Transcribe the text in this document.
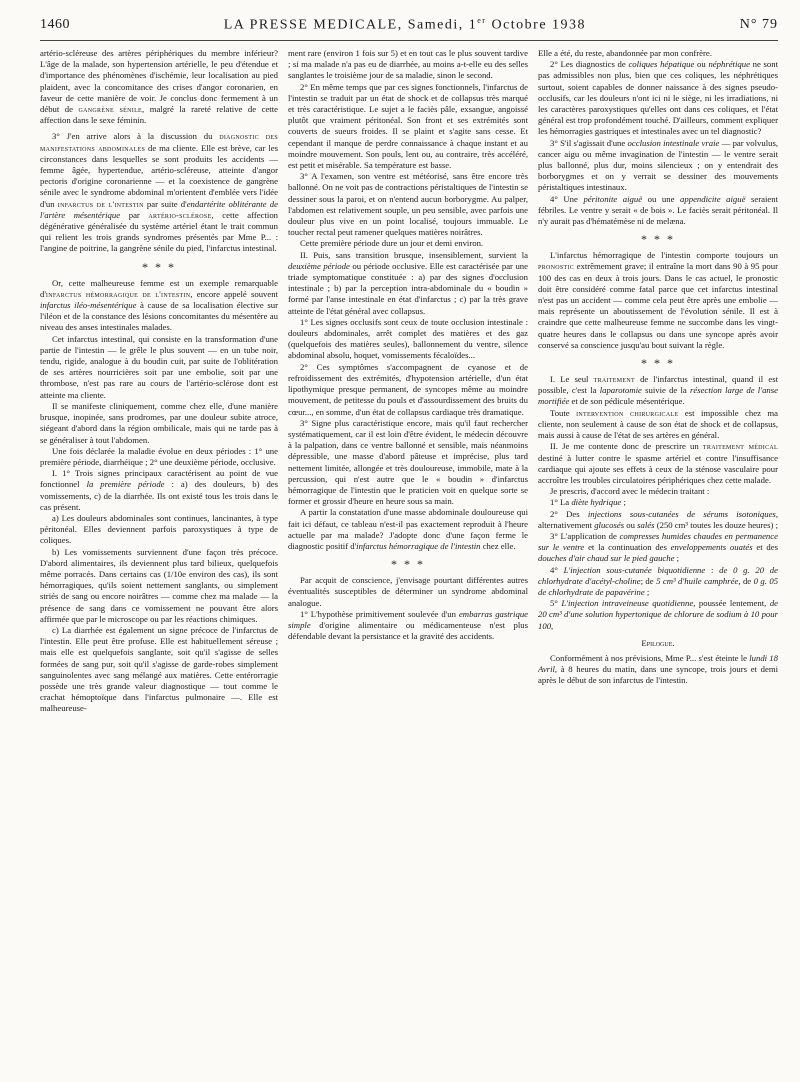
1460	LA PRESSE MEDICALE, Samedi, 1er Octobre 1938	N° 79

artério-scléreuse des artères périphériques du membre inférieur? L'âge de la malade, son hypertension artérielle, le peu d'étendue et d'importance des phénomènes d'ischémie, leur localisation au pied plaident, avec la concomitance des crises d'angor coronarien, en faveur de cette manière de voir. Je conclus donc fermement à un début de gangrène sénile, malgré la rareté relative de cette affection dans le sexe féminin.

3° J'en arrive alors à la discussion du diagnostic des manifestations abdominales de ma cliente. Elle est brève, car les circonstances dans lesquelles se sont produits les accidents — femme âgée, hypertendue, artério-scléreuse, atteinte d'angor pectoris d'origine coronarienne — et la coexistence de gangrène sénile avec le syndrome abdominal m'orientent d'emblée vers l'idée d'un infarctus de l'intestin par suite d'endartérite oblitérante de l'artère mésentérique par artério-sclérose, cette affection dégénérative généralisée du système artériel étant le trait commun qui relient les trois grands syndromes présentés par Mme P... : l'angine de poitrine, la gangrène sénile du pied, l'infarctus intestinal.

* * *

Or, cette malheureuse femme est un exemple remarquable d'infarctus hémorragique de l'intestin, encore appelé souvent infarctus iléo-mésentérique à cause de sa localisation élective sur l'iléon et de la constance des lésions concomitantes du mésentère au niveau des anses intestinales malades.

Cet infarctus intestinal, qui consiste en la transformation d'une partie de l'intestin — le grêle le plus souvent — en un tube noir, tendu, rigide, analogue à du boudin cuit, par suite de l'oblitération de ses artères nourricières soit par une embolie, soit par une thrombose, n'est pas rare au cours de l'artério-sclérose dont est atteinte ma cliente.

Il se manifeste cliniquement, comme chez elle, d'une manière brusque, inopinée, sans prodromes, par une douleur subite atroce, siégeant d'abord dans la région ombilicale, mais qui ne tarde pas à se généraliser à tout l'abdomen.

Une fois déclarée la maladie évolue en deux périodes : 1° une première période, diarrhéique ; 2° une deuxième période, occlusive.

I. 1° Trois signes principaux caractérisent au point de vue fonctionnel la première période : a) des douleurs, b) des vomissements, c) de la diarrhée. Ils ont existé tous les trois dans le cas présent.

a) Les douleurs abdominales sont continues, lancinantes, à type péritonéal. Elles deviennent parfois paroxystiques à type de coliques.

b) Les vomissements surviennent d'une façon très précoce. D'abord alimentaires, ils deviennent plus tard bilieux, quelquefois même porracés. Dans certains cas (1/10e environ des cas), ils sont hémorragiques, qu'ils soient nettement sanglants, ou simplement striés de sang ou encore noirâtres — comme chez ma malade — la présence de sang dans ce vomissement ne pouvant être alors affirmée que par le microscope ou par les réactions chimiques.

c) La diarrhée est également un signe précoce de l'infarctus de l'intestin. Elle peut être profuse. Elle est habituellement séreuse ; mais elle est quelquefois sanglante, soit qu'il s'agisse de selles formées de sang pur, soit qu'il s'agisse de garde-robes simplement sanguinolentes avec sang mélangé aux matières. Cette entérorragie possède une très grande valeur diagnostique — tout comme le crachat hémoptoïque dans l'infarctus pulmonaire —. Elle est malheureuse-

ment rare (environ 1 fois sur 5) et en tout cas le plus souvent tardive ; si ma malade n'a pas eu de diarrhée, au moins a-t-elle eu des selles sanglantes le troisième jour de sa maladie, sinon le second.

2° En même temps que par ces signes fonctionnels, l'infarctus de l'intestin se traduit par un état de shock et de collapsus très marqué et très caractéristique. Le sujet a le faciès pâle, exsangue, angoissé plutôt que vraiment péritonéal. Son front et ses extrémités sont couverts de sueurs froides. Il se plaint et s'agite sans cesse. Et cependant il manque de perdre connaissance à chaque instant et au moindre mouvement. Son pouls, lent ou, au contraire, très accéléré, est petit et misérable. Sa température est basse.

3° A l'examen, son ventre est météorisé, sans être encore très ballonné. On ne voit pas de contractions péristaltiques de l'intestin se dessiner sous la paroi, et on n'entend aucun borborygme. Au palper, l'abdomen est relativement souple, un peu sensible, avec parfois une douleur plus vive en un point localisé, toujours immuable. Le toucher rectal peut ramener quelques matières noirâtres.

Cette première période dure un jour et demi environ.

II. Puis, sans transition brusque, insensiblement, survient la deuxième période ou période occlusive. Elle est caractérisée par une triade symptomatique constituée : a) par des signes d'occlusion intestinale ; b) par la perception intra-abdominale du « boudin » formé par l'anse intestinale en état d'infarctus ; c) par la très grave atteinte de l'état général avec collapsus.

1° Les signes occlusifs sont ceux de toute occlusion intestinale : douleurs abdominales, arrêt complet des matières et des gaz (quelquefois des matières seules), ballonnement du ventre, silence abdominal absolu, hoquet, vomissements fécaloïdes...

2° Ces symptômes s'accompagnent de cyanose et de refroidissement des extrémités, d'hypotension artérielle, d'un état lipothymique presque permanent, de syncopes même au moindre mouvement, de petitesse du pouls et d'assourdissement des bruits du cœur..., en somme, d'un état de collapsus cardiaque très dramatique.

3° Signe plus caractéristique encore, mais qu'il faut rechercher systématiquement, car il est loin d'être évident, le médecin découvre à la palpation, dans ce ventre ballonné et sensible, mais néanmoins dépressible, une masse d'abord pâteuse et imprécise, plus tard nettement limitée, allongée et très douloureuse, immobile, mate à la percussion, qui n'est autre que le « boudin » d'infarctus hémorragique de l'intestin que le praticien voit en quelque sorte se former et grossir d'heure en heure sous sa main.

A partir la constatation d'une masse abdominale douloureuse qui fait ici défaut, ce tableau n'est-il pas exactement reproduit à l'heure actuelle par ma malade? J'adopte donc d'une façon ferme le diagnostic positif d'infarctus hémorragique de l'intestin chez elle.

* * *

Par acquit de conscience, j'envisage pourtant différentes autres éventualités susceptibles de déterminer un syndrome abdominal analogue.

1° L'hypothèse primitivement soulevée d'un embarras gastrique simple d'origine alimentaire ou médicamenteuse n'est plus défendable devant la persistance et la gravité des accidents.

Elle a été, du reste, abandonnée par mon confrère.

2° Les diagnostics de coliques hépatique ou néphrétique ne sont pas admissibles non plus, bien que ces coliques, les néphrétiques surtout, soient capables de donner naissance à des signes pseudo-occlusifs, car les douleurs n'ont ici ni le siège, ni les irradiations, ni les caractères paroxystiques qu'elles ont dans ces coliques, et l'état général est trop profondément touché. D'ailleurs, comment expliquer les hémorragies gastriques et intestinales avec un tel diagnostic?

3° S'il s'agissait d'une occlusion intestinale vraie — par volvulus, cancer aigu ou même invagination de l'intestin — le ventre serait plus ballonné, plus dur, moins silencieux ; on y entendrait des borborygmes et on y verrait se dessiner des mouvements péristaltiques intestinaux.

4° Une péritonite aiguë ou une appendicite aiguë seraient fébriles. Le ventre y serait « de bois ». Le faciès serait péritonéal. Il n'y aurait pas d'hématémèse ni de melæna.

* * *

L'infarctus hémorragique de l'intestin comporte toujours un pronostic extrêmement grave; il entraîne la mort dans 90 à 95 pour 100 des cas en deux à trois jours. Dans le cas actuel, le pronostic doit être considéré comme fatal parce que cet infarctus intestinal n'est pas un accident — comme cela peut être après une embolie — mais représente un aboutissement de l'évolution sénile. Il est à craindre que cette malheureuse femme ne succombe dans les vingt-quatre heures dans le collapsus ou dans une syncope après avoir conservé sa conscience jusqu'au bout suivant la règle.

* * *

I. Le seul traitement de l'infarctus intestinal, quand il est possible, c'est la laparotomie suivie de la résection large de l'anse mortifiée et de son pédicule mésentérique.

Toute intervention chirurgicale est impossible chez ma cliente, non seulement à cause de son état de shock et de collapsus, mais aussi à cause de l'état de ses artères en général.

II. Je me contente donc de prescrire un traitement médical destiné à lutter contre le spasme artériel et contre l'insuffisance cardiaque qui ajoute ses effets à ceux de la sténose vasculaire pour accroître les troubles circulatoires périphériques chez cette malade.

Je prescris, d'accord avec le médecin traitant :

1° La diète hydrique ;

2° Des injections sous-cutanées de sérums isotoniques, alternativement glucosés ou salés (250 cm³ toutes les douze heures) ;

3° L'application de compresses humides chaudes en permanence sur le ventre et la continuation des enveloppements ouatés et des douches d'air chaud sur le pied gauche ;

4° L'injection sous-cutanée biquotidienne : de 0 g. 20 de chlorhydrate d'acétyl-choline; de 5 cm³ d'huile camphrée, de 0 g. 05 de chlorhydrate de papavérine ;

5° L'injection intraveineuse quotidienne, poussée lentement, de 20 cm³ d'une solution hypertonique de chlorure de sodium à 10 pour 100,

Epilogue.

Conformément à nos prévisions, Mme P... s'est éteinte le lundi 18 Avril, à 8 heures du matin, dans une syncope, trois jours et demi après le début de son infarctus de l'intestin.
